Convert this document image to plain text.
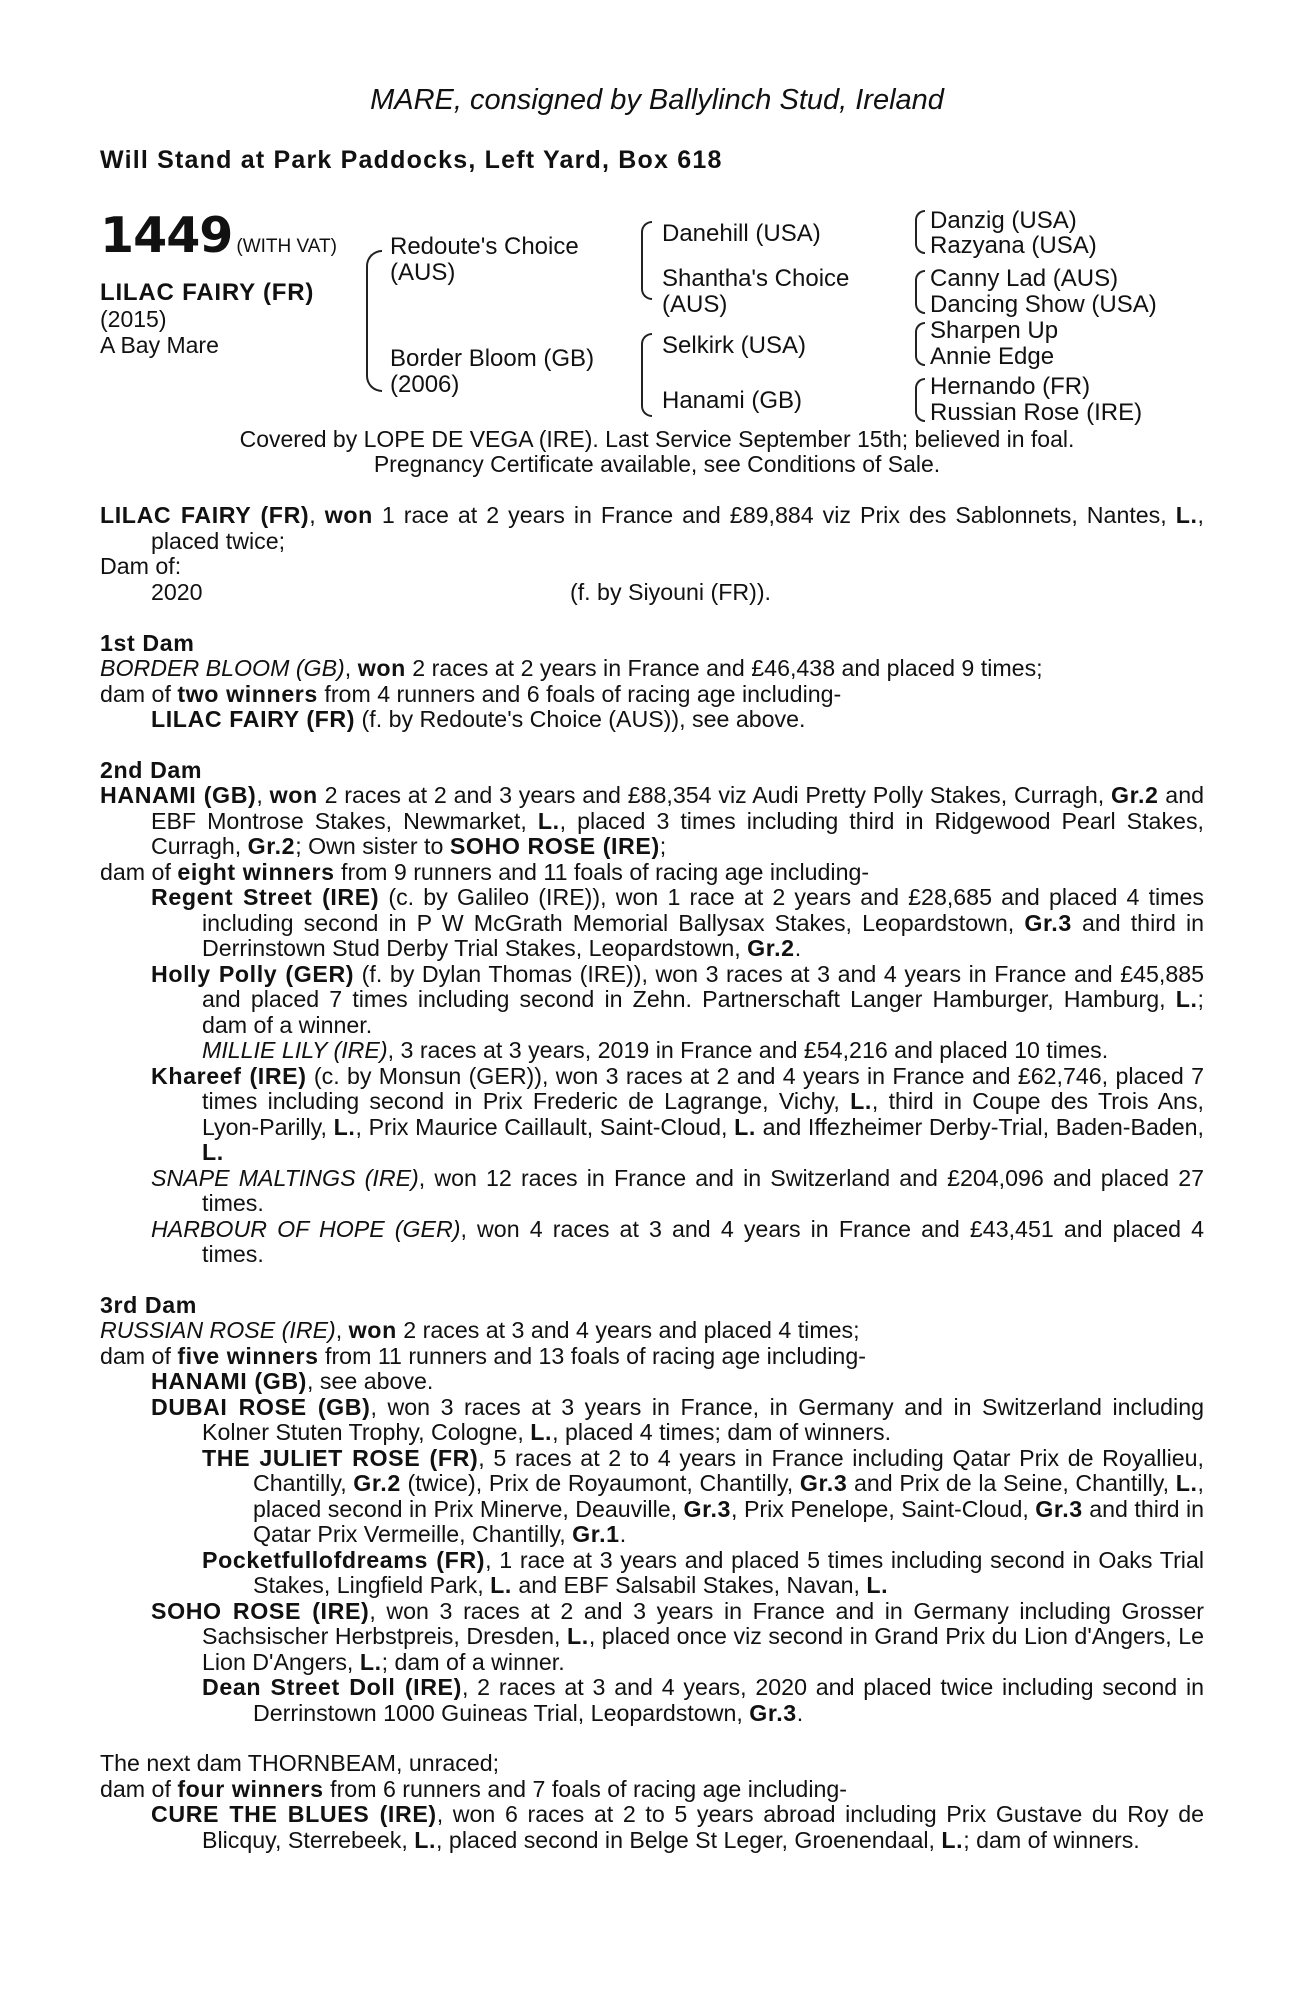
MARE, consigned by Ballylinch Stud, Ireland
Will Stand at Park Paddocks, Left Yard, Box 618
1449 (WITH VAT)
LILAC FAIRY (FR)
(2015)
A Bay Mare
Redoute's Choice
(AUS)
Border Bloom (GB)
(2006)
Danehill (USA)
Shantha's Choice
(AUS)
Selkirk (USA)
Hanami (GB)
Danzig (USA)
Razyana (USA)
Canny Lad (AUS)
Dancing Show (USA)
Sharpen Up
Annie Edge
Hernando (FR)
Russian Rose (IRE)
Covered by LOPE DE VEGA (IRE). Last Service September 15th; believed in foal.
Pregnancy Certificate available, see Conditions of Sale.

LILAC FAIRY (FR), won 1 race at 2 years in France and £89,884 viz Prix des Sablonnets, Nantes, L., placed twice;

Dam of:

2020	(f. by Siyouni (FR)).

1st Dam

BORDER BLOOM (GB), won 2 races at 2 years in France and £46,438 and placed 9 times;

dam of two winners from 4 runners and 6 foals of racing age including-

LILAC FAIRY (FR) (f. by Redoute's Choice (AUS)), see above.

2nd Dam

HANAMI (GB), won 2 races at 2 and 3 years and £88,354 viz Audi Pretty Polly Stakes, Curragh, Gr.2 and EBF Montrose Stakes, Newmarket, L., placed 3 times including third in Ridgewood Pearl Stakes, Curragh, Gr.2; Own sister to SOHO ROSE (IRE);

dam of eight winners from 9 runners and 11 foals of racing age including-

Regent Street (IRE) (c. by Galileo (IRE)), won 1 race at 2 years and £28,685 and placed 4 times including second in P W McGrath Memorial Ballysax Stakes, Leopardstown, Gr.3 and third in Derrinstown Stud Derby Trial Stakes, Leopardstown, Gr.2.

Holly Polly (GER) (f. by Dylan Thomas (IRE)), won 3 races at 3 and 4 years in France and £45,885 and placed 7 times including second in Zehn. Partnerschaft Langer Hamburger, Hamburg, L.; dam of a winner.

MILLIE LILY (IRE), 3 races at 3 years, 2019 in France and £54,216 and placed 10 times.

Khareef (IRE) (c. by Monsun (GER)), won 3 races at 2 and 4 years in France and £62,746, placed 7 times including second in Prix Frederic de Lagrange, Vichy, L., third in Coupe des Trois Ans, Lyon-Parilly, L., Prix Maurice Caillault, Saint-Cloud, L. and Iffezheimer Derby-Trial, Baden-Baden, L.

SNAPE MALTINGS (IRE), won 12 races in France and in Switzerland and £204,096 and placed 27 times.

HARBOUR OF HOPE (GER), won 4 races at 3 and 4 years in France and £43,451 and placed 4 times.

3rd Dam

RUSSIAN ROSE (IRE), won 2 races at 3 and 4 years and placed 4 times;

dam of five winners from 11 runners and 13 foals of racing age including-

HANAMI (GB), see above.

DUBAI ROSE (GB), won 3 races at 3 years in France, in Germany and in Switzerland including Kolner Stuten Trophy, Cologne, L., placed 4 times; dam of winners.

THE JULIET ROSE (FR), 5 races at 2 to 4 years in France including Qatar Prix de Royallieu, Chantilly, Gr.2 (twice), Prix de Royaumont, Chantilly, Gr.3 and Prix de la Seine, Chantilly, L., placed second in Prix Minerve, Deauville, Gr.3, Prix Penelope, Saint-Cloud, Gr.3 and third in Qatar Prix Vermeille, Chantilly, Gr.1.

Pocketfullofdreams (FR), 1 race at 3 years and placed 5 times including second in Oaks Trial Stakes, Lingfield Park, L. and EBF Salsabil Stakes, Navan, L.

SOHO ROSE (IRE), won 3 races at 2 and 3 years in France and in Germany including Grosser Sachsischer Herbstpreis, Dresden, L., placed once viz second in Grand Prix du Lion d'Angers, Le Lion D'Angers, L.; dam of a winner.

Dean Street Doll (IRE), 2 races at 3 and 4 years, 2020 and placed twice including second in Derrinstown 1000 Guineas Trial, Leopardstown, Gr.3.

The next dam THORNBEAM, unraced;

dam of four winners from 6 runners and 7 foals of racing age including-

CURE THE BLUES (IRE), won 6 races at 2 to 5 years abroad including Prix Gustave du Roy de Blicquy, Sterrebeek, L., placed second in Belge St Leger, Groenendaal, L.; dam of winners.
